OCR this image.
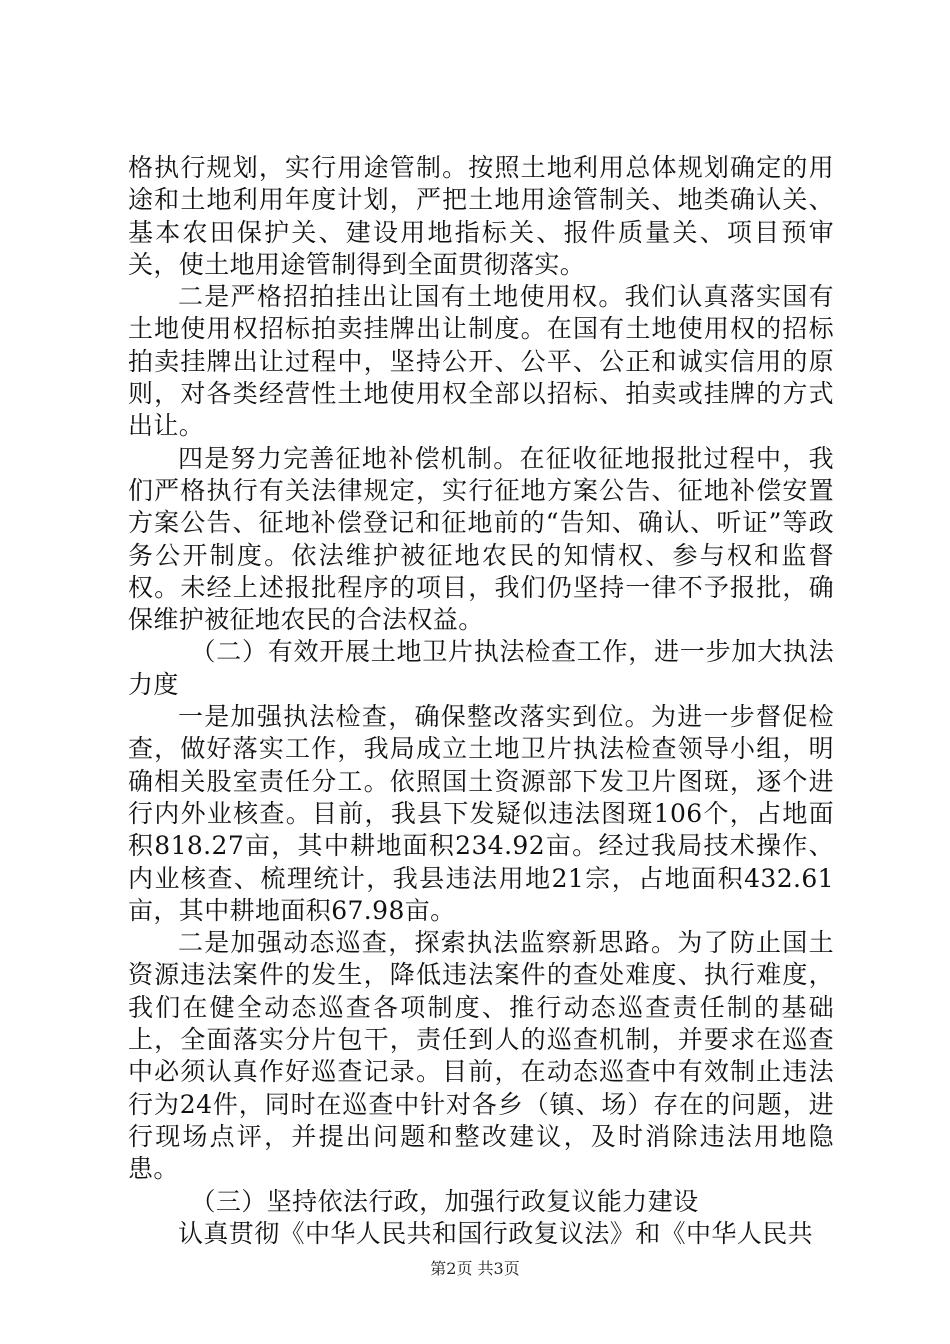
格执行规划，实行用途管制。按照土地利用总体规划确定的用途和土地利用年度计划，严把土地用途管制关、地类确认关、基本农田保护关、建设用地指标关、报件质量关、项目预审关，使土地用途管制得到全面贯彻落实。

二是严格招拍挂出让国有土地使用权。我们认真落实国有土地使用权招标拍卖挂牌出让制度。在国有土地使用权的招标拍卖挂牌出让过程中，坚持公开、公平、公正和诚实信用的原则，对各类经营性土地使用权全部以招标、拍卖或挂牌的方式出让。

四是努力完善征地补偿机制。在征收征地报批过程中，我们严格执行有关法律规定，实行征地方案公告、征地补偿安置方案公告、征地补偿登记和征地前的“告知、确认、听证”等政务公开制度。依法维护被征地农民的知情权、参与权和监督权。未经上述报批程序的项目，我们仍坚持一律不予报批，确保维护被征地农民的合法权益。

（二）有效开展土地卫片执法检查工作，进一步加大执法力度

一是加强执法检查，确保整改落实到位。为进一步督促检查，做好落实工作，我局成立土地卫片执法检查领导小组，明确相关股室责任分工。依照国土资源部下发卫片图斑，逐个进行内外业核查。目前，我县下发疑似违法图斑106个，占地面积818.27亩，其中耕地面积234.92亩。经过我局技术操作、内业核查、梳理统计，我县违法用地21宗，占地面积432.61亩，其中耕地面积67.98亩。

二是加强动态巡查，探索执法监察新思路。为了防止国土资源违法案件的发生，降低违法案件的查处难度、执行难度，我们在健全动态巡查各项制度、推行动态巡查责任制的基础上，全面落实分片包干，责任到人的巡查机制，并要求在巡查中必须认真作好巡查记录。目前，在动态巡查中有效制止违法行为24件，同时在巡查中针对各乡（镇、场）存在的问题，进行现场点评，并提出问题和整改建议，及时消除违法用地隐患。

（三）坚持依法行政，加强行政复议能力建设

认真贯彻《中华人民共和国行政复议法》和《中华人民共

第2页 共3页
